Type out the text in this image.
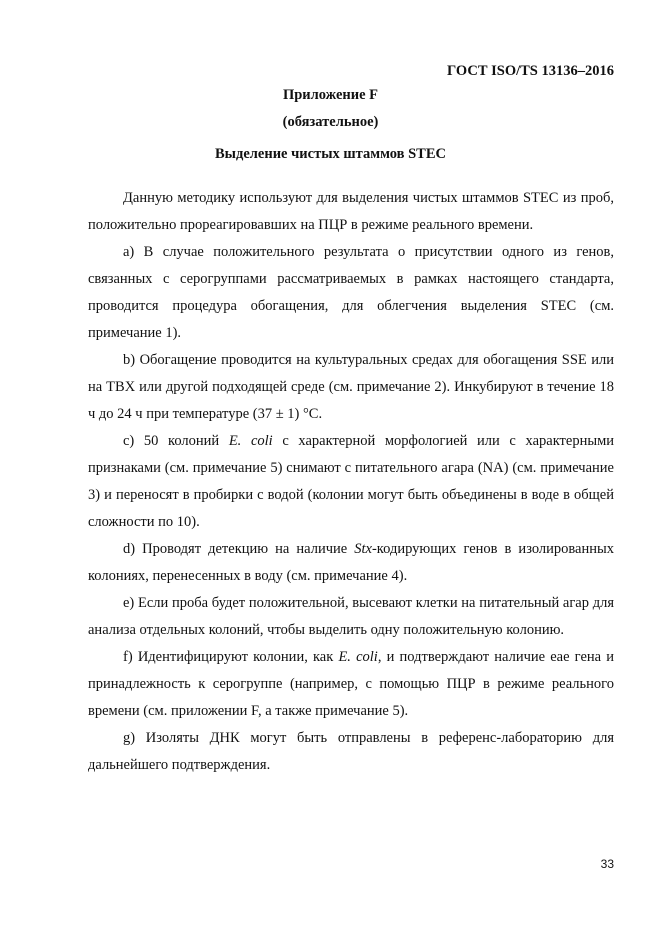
ГОСТ ISO/TS 13136–2016
Приложение F
(обязательное)
Выделение чистых штаммов STEC

Данную методику используют для выделения чистых штаммов STEC из проб, положительно прореагировавших на ПЦР в режиме реального времени.

a) В случае положительного результата о присутствии одного из генов, связанных с серогруппами рассматриваемых в рамках настоящего стандарта, проводится процедура обогащения, для облегчения выделения STEC (см. примечание 1).

b) Обогащение проводится на культуральных средах для обогащения SSE или на TBX или другой подходящей среде (см. примечание 2). Инкубируют в течение 18 ч до 24 ч при температуре (37 ± 1) °С.

c) 50 колоний E. coli с характерной морфологией или с характерными признаками (см. примечание 5) снимают с питательного агара (NA) (см. примечание 3) и переносят в пробирки с водой (колонии могут быть объединены в воде в общей сложности по 10).

d) Проводят детекцию на наличие Stx-кодирующих генов в изолированных колониях, перенесенных в воду (см. примечание 4).

e) Если проба будет положительной, высевают клетки на питательный агар для анализа отдельных колоний, чтобы выделить одну положительную колонию.

f) Идентифицируют колонии, как E. coli, и подтверждают наличие eae гена и принадлежность к серогруппе (например, с помощью ПЦР в режиме реального времени (см. приложении F, а также примечание 5).

g) Изоляты ДНК могут быть отправлены в референс-лабораторию для дальнейшего подтверждения.

33
